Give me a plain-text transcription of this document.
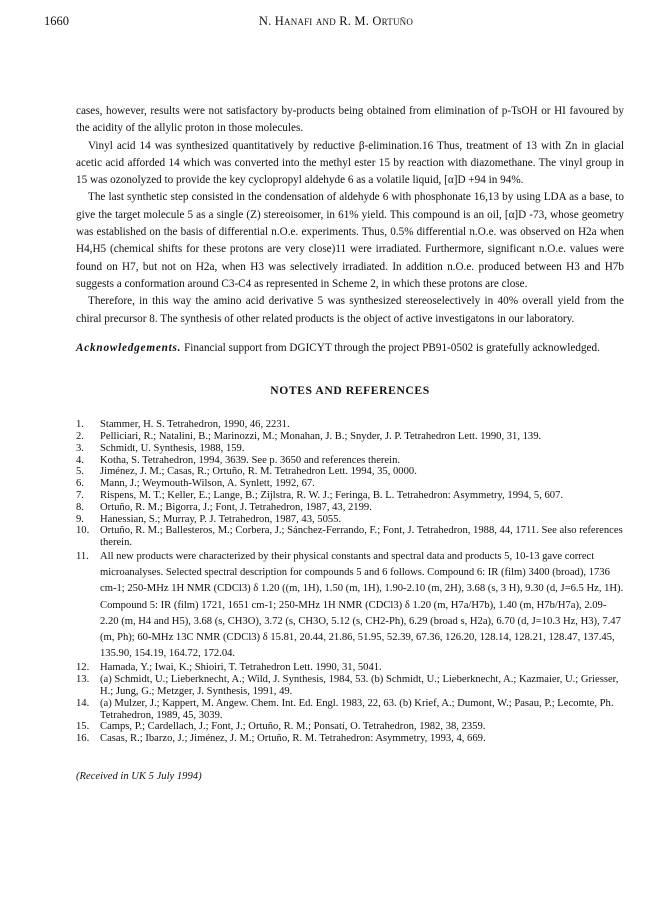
1660	N. Hanafi and R. M. Ortuño

cases, however, results were not satisfactory by-products being obtained from elimination of p-TsOH or HI favoured by the acidity of the allylic proton in those molecules.

Vinyl acid 14 was synthesized quantitatively by reductive β-elimination.16 Thus, treatment of 13 with Zn in glacial acetic acid afforded 14 which was converted into the methyl ester 15 by reaction with diazomethane. The vinyl group in 15 was ozonolyzed to provide the key cyclopropyl aldehyde 6 as a volatile liquid, [α]D +94 in 94%.

The last synthetic step consisted in the condensation of aldehyde 6 with phosphonate 16,13 by using LDA as a base, to give the target molecule 5 as a single (Z) stereoisomer, in 61% yield. This compound is an oil, [α]D -73, whose geometry was established on the basis of differential n.O.e. experiments. Thus, 0.5% differential n.O.e. was observed on H2a when H4,H5 (chemical shifts for these protons are very close)11 were irradiated. Furthermore, significant n.O.e. values were found on H7, but not on H2a, when H3 was selectively irradiated. In addition n.O.e. produced between H3 and H7b suggests a conformation around C3-C4 as represented in Scheme 2, in which these protons are close.

Therefore, in this way the amino acid derivative 5 was synthesized stereoselectively in 40% overall yield from the chiral precursor 8. The synthesis of other related products is the object of active investigatons in our laboratory.

Acknowledgements. Financial support from DGICYT through the project PB91-0502 is gratefully acknowledged.

NOTES AND REFERENCES
1. Stammer, H. S. Tetrahedron, 1990, 46, 2231.
2. Pelliciari, R.; Natalini, B.; Marinozzi, M.; Monahan, J. B.; Snyder, J. P. Tetrahedron Lett. 1990, 31, 139.
3. Schmidt, U. Synthesis, 1988, 159.
4. Kotha, S. Tetrahedron, 1994, 3639. See p. 3650 and references therein.
5. Jiménez, J. M.; Casas, R.; Ortuño, R. M. Tetrahedron Lett. 1994, 35, 0000.
6. Mann, J.; Weymouth-Wilson, A. Synlett, 1992, 67.
7. Rispens, M. T.; Keller, E.; Lange, B.; Zijlstra, R. W. J.; Feringa, B. L. Tetrahedron: Asymmetry, 1994, 5, 607.
8. Ortuño, R. M.; Bigorra, J.; Font, J. Tetrahedron, 1987, 43, 2199.
9. Hanessian, S.; Murray, P. J. Tetrahedron, 1987, 43, 5055.
10. Ortuño, R. M.; Ballesteros, M.; Corbera, J.; Sánchez-Ferrando, F.; Font, J. Tetrahedron, 1988, 44, 1711. See also references therein.
11. All new products were characterized by their physical constants and spectral data and products 5, 10-13 gave correct microanalyses. Selected spectral description for compounds 5 and 6 follows. Compound 6: IR (film) 3400 (broad), 1736 cm-1; 250-MHz 1H NMR (CDCl3) δ 1.20 ((m, 1H), 1.50 (m, 1H), 1.90-2.10 (m, 2H), 3.68 (s, 3 H), 9.30 (d, J=6.5 Hz, 1H). Compound 5: IR (film) 1721, 1651 cm-1; 250-MHz 1H NMR (CDCl3) δ 1.20 (m, H7a/H7b), 1.40 (m, H7b/H7a), 2.09-2.20 (m, H4 and H5), 3.68 (s, CH3O), 3.72 (s, CH3O, 5.12 (s, CH2-Ph), 6.29 (broad s, H2a), 6.70 (d, J=10.3 Hz, H3), 7.47 (m, Ph); 60-MHz 13C NMR (CDCl3) δ 15.81, 20.44, 21.86, 51.95, 52.39, 67.36, 126.20, 128.14, 128.21, 128.47, 137.45, 135.90, 154.19, 164.72, 172.04.
12. Hamada, Y.; Iwai, K.; Shioiri, T. Tetrahedron Lett. 1990, 31, 5041.
13. (a) Schmidt, U.; Lieberknecht, A.; Wild, J. Synthesis, 1984, 53. (b) Schmidt, U.; Lieberknecht, A.; Kazmaier, U.; Griesser, H.; Jung, G.; Metzger, J. Synthesis, 1991, 49.
14. (a) Mulzer, J.; Kappert, M. Angew. Chem. Int. Ed. Engl. 1983, 22, 63. (b) Krief, A.; Dumont, W.; Pasau, P.; Lecomte, Ph. Tetrahedron, 1989, 45, 3039.
15. Camps, P.; Cardellach, J.; Font, J.; Ortuño, R. M.; Ponsatí, O. Tetrahedron, 1982, 38, 2359.
16. Casas, R.; Ibarzo, J.; Jiménez, J. M.; Ortuño, R. M. Tetrahedron: Asymmetry, 1993, 4, 669.
(Received in UK 5 July 1994)
